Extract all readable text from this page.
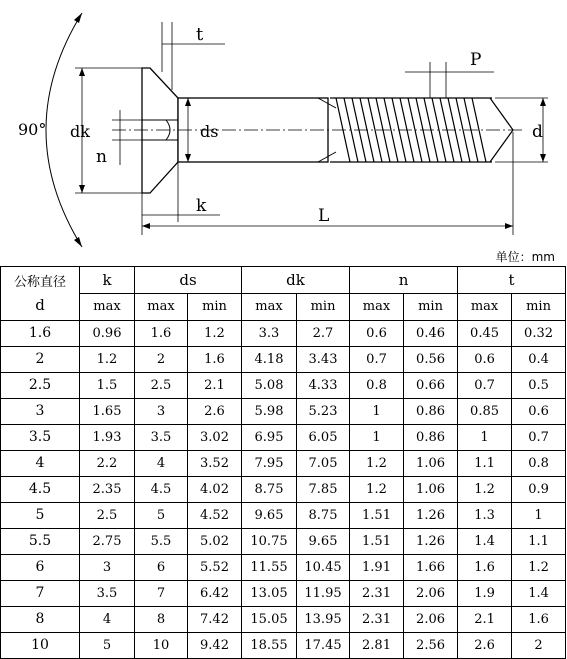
90°
t
P
dk
n
ds	d
k	L
单位：mm
公称直径
d	k	ds		dk		n		t	
	max	max	min	max	min	max	min	max	min
1.6	0.96	1.6	1.2	3.3	2.7	0.6	0.46	0.45	0.32
2	1.2	2	1.6	4.18	3.43	0.7	0.56	0.6	0.4
2.5	1.5	2.5	2.1	5.08	4.33	0.8	0.66	0.7	0.5
3	1.65	3	2.6	5.98	5.23	1	0.86	0.85	0.6
3.5	1.93	3.5	3.02	6.95	6.05	1	0.86	1	0.7
4	2.2	4	3.52	7.95	7.05	1.2	1.06	1.1	0.8
4.5	2.35	4.5	4.02	8.75	7.85	1.2	1.06	1.2	0.9
5	2.5	5	4.52	9.65	8.75	1.51	1.26	1.3	1
5.5	2.75	5.5	5.02	10.75	9.65	1.51	1.26	1.4	1.1
6	3	6	5.52	11.55	10.45	1.91	1.66	1.6	1.2
7	3.5	7	6.42	13.05	11.95	2.31	2.06	1.9	1.4
8	4	8	7.42	15.05	13.95	2.31	2.06	2.1	1.6
10	5	10	9.42	18.55	17.45	2.81	2.56	2.6	2
